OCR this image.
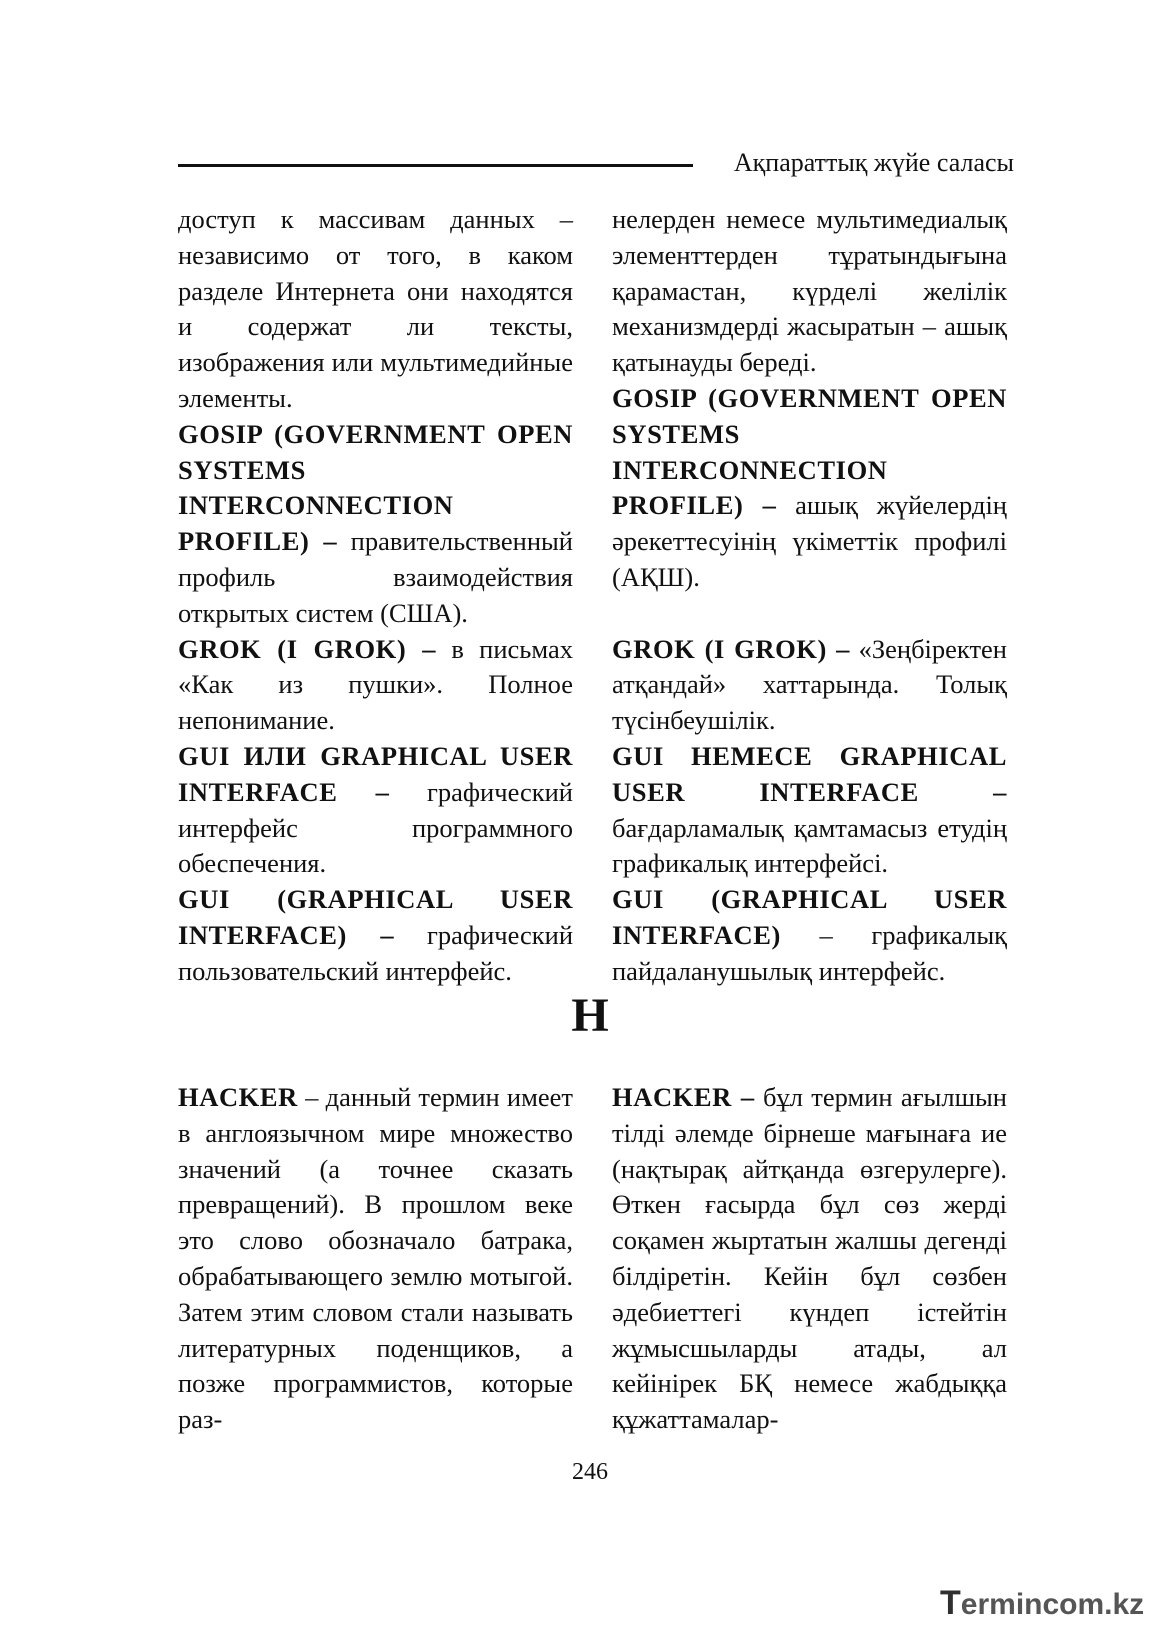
Ақпараттық жүйе саласы

доступ к массивам данных – независимо от того, в каком разделе Интернета они находятся и содержат ли тексты, изображения или мультимедийные элементы.

GOSIP (GOVERNMENT OPEN SYSTEMS INTERCONNECTION PROFILE) – правительственный профиль взаимодействия открытых систем (США).

GROK (I GROK) – в письмах «Как из пушки». Полное непонимание.

GUI ИЛИ GRAPHICAL USER INTERFACE – графический интерфейс программного обеспечения.

GUI (GRAPHICAL USER INTERFACE) – графический пользовательский интерфейс.

нелерден немесе мультимедиалық элементтерден тұратындығына қарамастан, күрделі желілік механизмдерді жасыратын – ашық қатынауды береді.

GOSIP (GOVERNMENT OPEN SYSTEMS INTERCONNECTION PROFILE) – ашық жүйелердің әрекеттесуінің үкіметтік профилі (АҚШ).

GROK (I GROK) – «Зеңбіректен атқандай» хаттарында. Толық түсінбеушілік.

GUI HEMECE GRAPHICAL USER INTERFACE – бағдарламалық қамтамасыз етудің графикалық интерфейсі.

GUI (GRAPHICAL USER INTERFACE) – графикалық пайдаланушылық интерфейс.

H

HACKER – данный термин имеет в англоязычном мире множество значений (а точнее сказать превращений). В прошлом веке это слово обозначало батрака, обрабатывающего землю мотыгой. Затем этим словом стали называть литературных поденщиков, а позже программистов, которые раз-

HACKER – бұл термин ағылшын тілді әлемде бірнеше мағынаға ие (нақтырақ айтқанда өзгерулерге). Өткен ғасырда бұл сөз жерді соқамен жыртатын жалшы дегенді білдіретін. Кейін бұл сөзбен әдебиеттегі күндеп істейтін жұмысшыларды атады, ал кейінірек БҚ немесе жабдыққа құжаттамалар-

246
Termincom.kz
